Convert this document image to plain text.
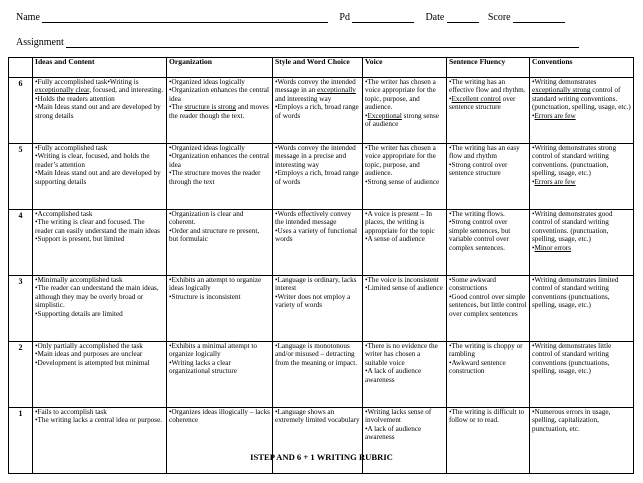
Name	Pd	Date	Score
Assignment
	Ideas and Content	Organization	Style and Word Choice	Voice	Sentence Fluency	Conventions
6	•Fully accomplished task•Writing is exceptionally clear, focused, and interesting.
•Holds the readers attention
•Main Ideas stand out and are developed by strong details	•Organized ideas logically
•Organization enhances the central idea
•The structure is strong and moves the reader though the text.	•Words convey the intended message in an exceptionally and interesting way
•Employs a rich, broad range of words	•The writer has chosen a voice appropriate for the topic, purpose, and audience.
•Exceptional strong sense of audience	•The writing has an effective flow and rhythm.
•Excellent control over sentence structure	•Writing demonstrates exceptionally strong control of standard writing conventions. (punctuation, spelling, usage, etc.)
•Errors are few
5	•Fully accomplished task
•Writing is clear, focused, and holds the reader’s attention
•Main Ideas stand out and are developed by supporting details	•Organized ideas logically
•Organization enhances the central idea
•The structure moves the reader through the text	•Words convey the intended message in a precise and interesting way
•Employs a rich, broad range of words	•The writer has chosen a voice appropriate for the topic, purpose, and audience.
•Strong sense of audience	•The writing has an easy flow and rhythm
•Strong control over sentence structure	•Writing demonstrates strong control of standard writing conventions. (punctuation, spelling, usage, etc.)
•Errors are few
4	•Accomplished task
•The writing is clear and focused. The reader can easily understand the main ideas
•Support is present, but limited	•Organization is clear and coherent.
•Order and structure re present, but formulaic	•Words effectively convey the intended message
•Uses a variety of functional words	•A voice is present – In places, the writing is appropriate for the topic
•A sense of audience	•The writing flows.
•Strong control over simple sentences, but variable control over complex sentences.	•Writing demonstrates good control of standard writing conventions. (punctuation, spelling, usage, etc.)
•Minor errors
3	•Minimally accomplished task
•The reader can understand the main ideas, although they may be overly broad or simplistic.
•Supporting details are limited	•Exhibits an attempt to organize ideas logically
•Structure is inconsistent	•Language is ordinary, lacks interest
•Writer does not employ a variety of words	•The voice is inconsistent
•Limited sense of audience	•Some awkward constructions
•Good control over simple sentences, but little control over complex sentences	•Writing demonstrates limited control of standard writing conventions (punctuations, spelling, usage, etc.)
2	•Only partially accomplished the task
•Main ideas and purposes are unclear
•Development is attempted but minimal	•Exhibits a minimal attempt to organize logically
•Writing lacks a clear organizational structure	•Language is monotonous and/or misused – detracting from the meaning or impact.	•There is no evidence the writer has chosen a suitable voice
•A lack of audience awareness	•The writing is choppy or rambling
•Awkward sentence construction	•Writing demonstrates little control of standard writing conventions (punctuations, spelling, usage, etc.)
1	•Fails to accomplish task
•The writing lacks a central idea or purpose.	•Organizes ideas illogically – lacks coherence	•Language shows an extremely limited vocabulary	•Writing lacks sense of involvement
•A lack of audience awareness	•The writing is difficult to follow or to read.	•Numerous errors in usage, spelling, capitalization, punctuation, etc.
ISTEP AND 6 + 1 WRITING RUBRIC
